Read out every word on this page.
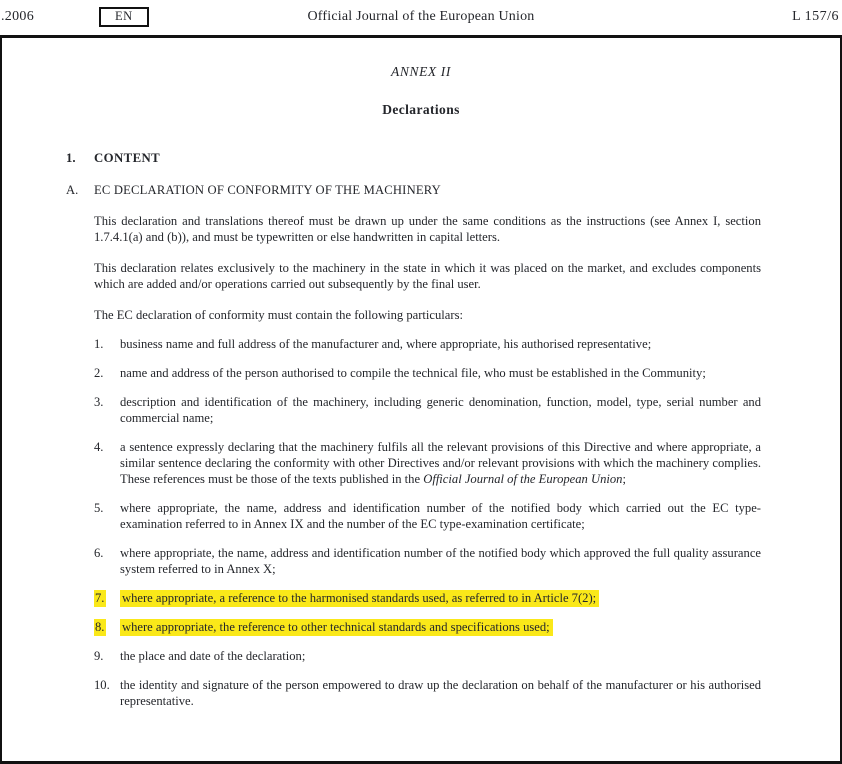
.2006	Official Journal of the European Union
EN	L 157/6
ANNEX II
Declarations
1.	CONTENT
A.	EC DECLARATION OF CONFORMITY OF THE MACHINERY

This declaration and translations thereof must be drawn up under the same conditions as the instructions (see Annex I, section 1.7.4.1(a) and (b)), and must be typewritten or else handwritten in capital letters.

This declaration relates exclusively to the machinery in the state in which it was placed on the market, and excludes components which are added and/or operations carried out subsequently by the final user.

The EC declaration of conformity must contain the following particulars:

1.	business name and full address of the manufacturer and, where appropriate, his authorised representative;
2.	name and address of the person authorised to compile the technical file, who must be established in the Community;
3.	description and identification of the machinery, including generic denomination, function, model, type, serial number and commercial name;
4.	a sentence expressly declaring that the machinery fulfils all the relevant provisions of this Directive and where appropriate, a similar sentence declaring the conformity with other Directives and/or relevant provisions with which the machinery complies. These references must be those of the texts published in the Official Journal of the European Union;
5.	where appropriate, the name, address and identification number of the notified body which carried out the EC type-examination referred to in Annex IX and the number of the EC type-examination certificate;
6.	where appropriate, the name, address and identification number of the notified body which approved the full quality assurance system referred to in Annex X;
7.	where appropriate, a reference to the harmonised standards used, as referred to in Article 7(2);
8.	where appropriate, the reference to other technical standards and specifications used;
9.	the place and date of the declaration;
10. the identity and signature of the person empowered to draw up the declaration on behalf of the manufacturer or his authorised representative.
